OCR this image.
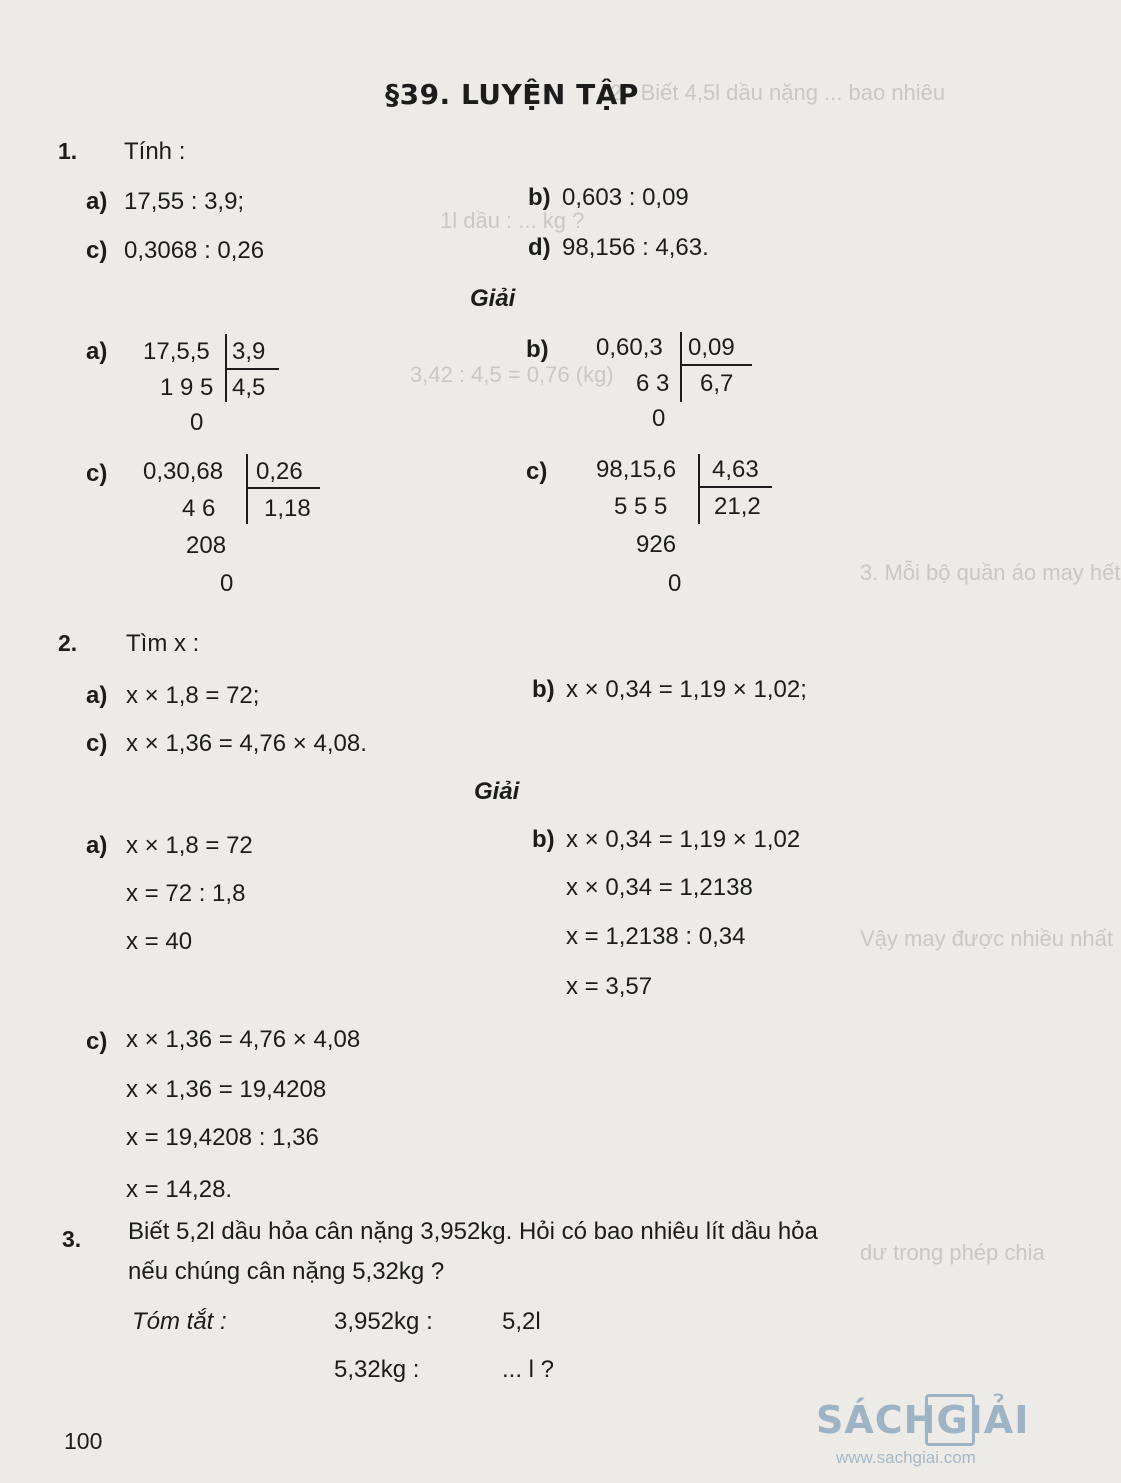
2.  Biết 4,5l dầu nặng ... bao nhiêu
1l dầu : ... kg ?
3,42 : 4,5 = 0,76 (kg)
3. Mỗi bộ quần áo may hết
Vậy may được nhiều nhất
dư trong phép chia
§39. LUYỆN TẬP
1. Tính :
a) 17,55 : 3,9;	b) 0,603 : 0,09
c) 0,3068 : 0,26	d) 98,156 : 4,63.
Giải
a) 17,5,5 3,9
4,5
1 9 5
0
b) 0,60,3 0,09
6,7
6 3
0
c) 0,30,68 0,26
1,18
4 6
208
0
c) 98,15,6 4,63
21,2
5 5 5
926
0
2. Tìm x :
a) x × 1,8 = 72;	b) x × 0,34 = 1,19 × 1,02;
c) x × 1,36 = 4,76 × 4,08.
Giải
a) x × 1,8 = 72
x = 72 : 1,8
x = 40
b) x × 0,34 = 1,19 × 1,02
x × 0,34 = 1,2138
x = 1,2138 : 0,34
x = 3,57
c) x × 1,36 = 4,76 × 4,08
x × 1,36 = 19,4208
x = 19,4208 : 1,36
x = 14,28.
3. Biết 5,2l dầu hỏa cân nặng 3,952kg. Hỏi có bao nhiêu lít dầu hỏa
nếu chúng cân nặng 5,32kg ?
Tóm tắt :	3,952kg :	5,2l
5,32kg :	... l ?
100	SÁCHGIẢI
www.sachgiai.com
